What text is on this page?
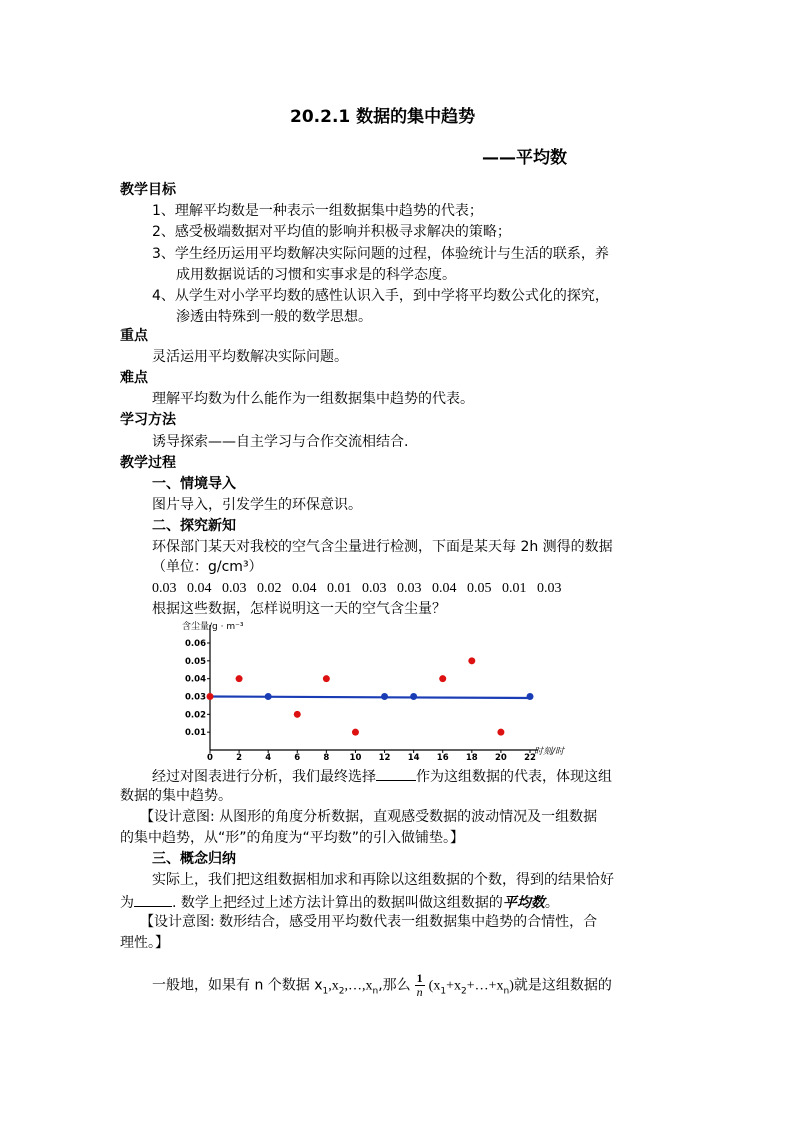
20.2.1 数据的集中趋势
——平均数
教学目标
1、理解平均数是一种表示一组数据集中趋势的代表；
2、感受极端数据对平均值的影响并积极寻求解决的策略；
3、学生经历运用平均数解决实际问题的过程，体验统计与生活的联系，养
成用数据说话的习惯和实事求是的科学态度。
4、从学生对小学平均数的感性认识入手，到中学将平均数公式化的探究，
渗透由特殊到一般的数学思想。
重点
灵活运用平均数解决实际问题。
难点
理解平均数为什么能作为一组数据集中趋势的代表。
学习方法
诱导探索——自主学习与合作交流相结合.
教学过程
一、情境导入
图片导入，引发学生的环保意识。
二、探究新知
环保部门某天对我校的空气含尘量进行检测，下面是某天每 2h 测得的数据
（单位：g/cm³）
0.03   0.04   0.03   0.02   0.04   0.01   0.03   0.03   0.04   0.05   0.01   0.03
根据这些数据，怎样说明这一天的空气含尘量？
含尘量/g · m⁻³
时刻/时
0.01
0.02
0.03
0.04
0.05
0.06
0	2	4	6	8 10 12 14 16 18 20 22
经过对图表进行分析，我们最终选择	作为这组数据的代表，体现这组
数据的集中趋势。
【设计意图: 从图形的角度分析数据，直观感受数据的波动情况及一组数据
的集中趋势，从“形”的角度为“平均数”的引入做铺垫。】
三、概念归纳
实际上，我们把这组数据相加求和再除以这组数据的个数，得到的结果恰好
为	. 数学上把经过上述方法计算出的数据叫做这组数据的平均数。
【设计意图: 数形结合，感受用平均数代表一组数据集中趋势的合情性，合
理性。】
一般地，如果有 n 个数据 $x_1,x_2,\dots,x_n$,那么 $\frac{1}{n}$ $(x_1+x_2+\dots+x_n)$就是这组数据的
